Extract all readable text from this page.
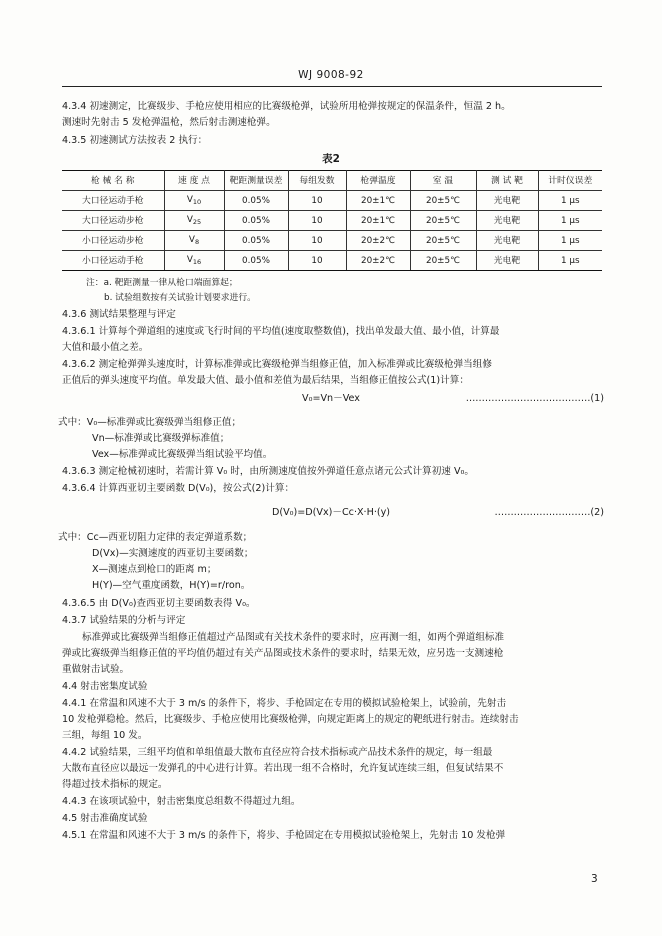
WJ 9008-92
4.3.4 初速测定，比赛级步、手枪应使用相应的比赛级枪弹，试验所用枪弹按规定的保温条件，恒温 2 h。
测速时先射击 5 发枪弹温枪，然后射击测速枪弹。
4.3.5 初速测试方法按表 2 执行：
表2
枪 械 名 称	速 度 点	靶距测量误差	每组发数	枪弹温度	室 温	测 试 靶	计时仪误差
大口径运动手枪	$V_{10}$	0.05%	10	20±1℃	20±5℃	光电靶	1 μs
大口径运动步枪	$V_{25}$	0.05%	10	20±1℃	20±5℃	光电靶	1 μs
小口径运动步枪	$V_8$	0.05%	10	20±2℃	20±5℃	光电靶	1 μs
小口径运动手枪	$V_{16}$	0.05%	10	20±2℃	20±5℃	光电靶	1 μs
注：a. 靶距测量一律从枪口端面算起；
b. 试验组数按有关试验计划要求进行。
4.3.6 测试结果整理与评定
4.3.6.1 计算每个弹道组的速度或飞行时间的平均值(速度取整数值)，找出单发最大值、最小值，计算最
大值和最小值之差。
4.3.6.2 测定枪弹弹头速度时，计算标准弹或比赛级枪弹当组修正值，加入标准弹或比赛级枪弹当组修
正值后的弹头速度平均值。单发最大值、最小值和差值为最后结果，当组修正值按公式(1)计算：
V₀=Vn－Vex	…………………………………(1)
式中：V₀—标准弹或比赛级弹当组修正值；
Vn—标准弹或比赛级弹标准值；
Vex—标准弹或比赛级弹当组试验平均值。
4.3.6.3 测定枪械初速时，若需计算 V₀ 时，由所测速度值按外弹道任意点诸元公式计算初速 V₀。
4.3.6.4 计算西亚切主要函数 D(V₀)，按公式(2)计算：
D(V₀)=D(Vx)－Cc·X·H·(y)	…………………………(2)
式中：Cc—西亚切阻力定律的表定弹道系数；
D(Vx)—实测速度的西亚切主要函数；
X—测速点到枪口的距离 m；
H(Y)—空气重度函数，H(Y)=r/ron。
4.3.6.5 由 D(V₀)查西亚切主要函数表得 V₀。
4.3.7 试验结果的分析与评定
标准弹或比赛级弹当组修正值超过产品图或有关技术条件的要求时，应再测一组，如两个弹道组标准
弹或比赛级弹当组修正值的平均值仍超过有关产品图或技术条件的要求时，结果无效，应另选一支测速枪
重做射击试验。
4.4 射击密集度试验
4.4.1 在常温和风速不大于 3 m/s 的条件下，将步、手枪固定在专用的模拟试验枪架上，试验前，先射击
10 发枪弹稳枪。然后，比赛级步、手枪应使用比赛级枪弹，向规定距离上的规定的靶纸进行射击。连续射击
三组，每组 10 发。
4.4.2 试验结果，三组平均值和单组值最大散布直径应符合技术指标或产品技术条件的规定，每一组最
大散布直径应以最远一发弹孔的中心进行计算。若出现一组不合格时，允许复试连续三组，但复试结果不
得超过技术指标的规定。
4.4.3 在该项试验中，射击密集度总组数不得超过九组。
4.5 射击准确度试验
4.5.1 在常温和风速不大于 3 m/s 的条件下，将步、手枪固定在专用模拟试验枪架上，先射击 10 发枪弹
3
